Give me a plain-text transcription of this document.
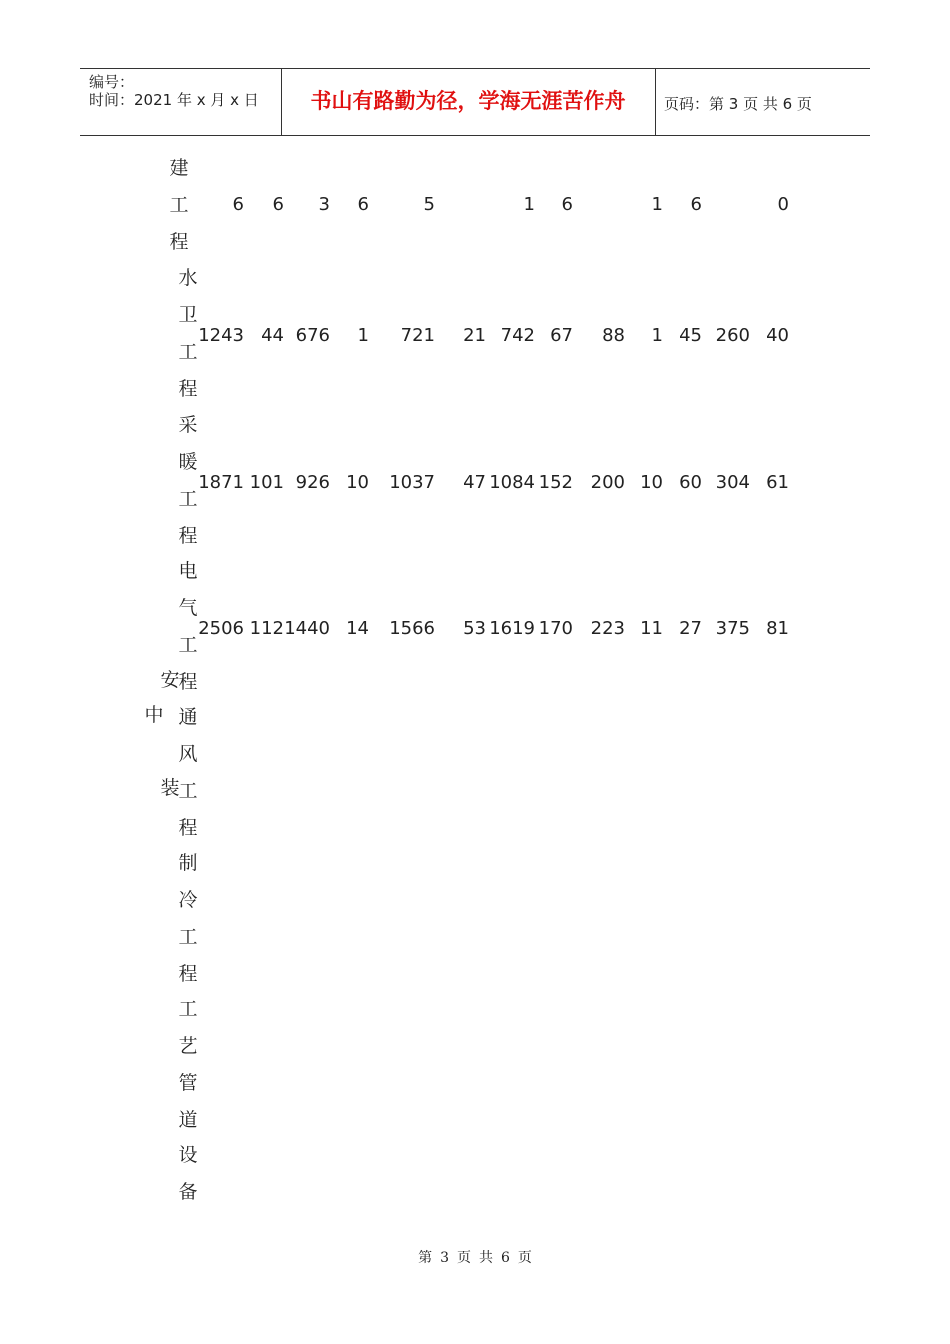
编号：
时间：2021 年 x 月 x 日	书山有路勤为径，学海无涯苦作舟	页码：第 3 页 共 6 页
建
工
程
6 6 3 6	5	1 6	1 6	0
水
卫
工
程
1243 44 676 1 721 21 742 67 88 1 45 260 40
采
暖
工
程
1871 101 926 10 1037 47 1084 152 200 10 60 304 61
电
气
工
程
2506 112 1440 14 1566 53 1619 170 223 11 27 375 81
通
风
工
程
制
冷
工
程
工
艺
管
道
设
备
安
中
装
第 3 页 共 6 页
